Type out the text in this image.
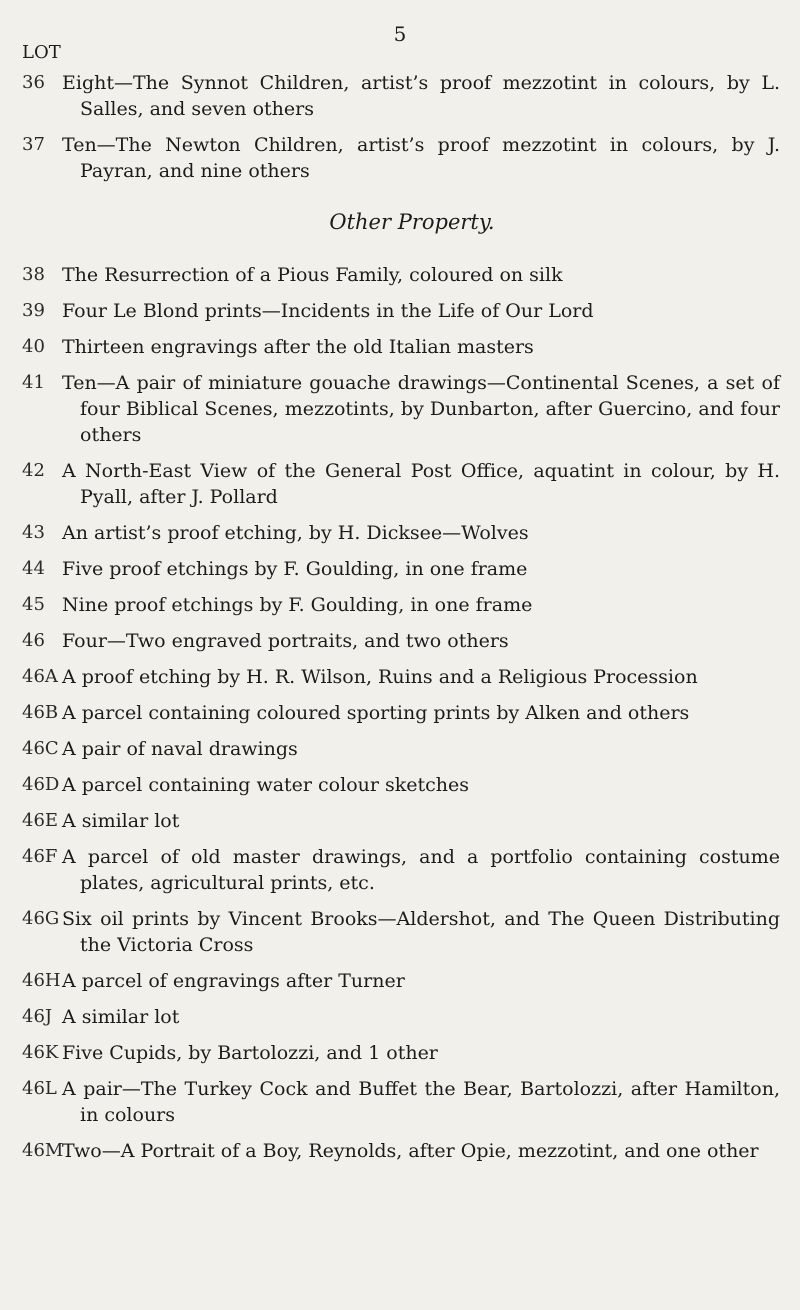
5
LOT
36 Eight—The Synnot Children, artist’s proof mezzotint in colours, by L. Salles, and seven others
37 Ten—The Newton Children, artist’s proof mezzotint in colours, by J. Payran, and nine others
Other Property.
38 The Resurrection of a Pious Family, coloured on silk
39 Four Le Blond prints—Incidents in the Life of Our Lord
40 Thirteen engravings after the old Italian masters
41 Ten—A pair of miniature gouache drawings—Continental Scenes, a set of four Biblical Scenes, mezzotints, by Dunbarton, after Guercino, and four others
42 A North-East View of the General Post Office, aquatint in colour, by H. Pyall, after J. Pollard
43 An artist’s proof etching, by H. Dicksee—Wolves
44 Five proof etchings by F. Goulding, in one frame
45 Nine proof etchings by F. Goulding, in one frame
46 Four—Two engraved portraits, and two others
46A A proof etching by H. R. Wilson, Ruins and a Religious Procession
46B A parcel containing coloured sporting prints by Alken and others
46C A pair of naval drawings
46D A parcel containing water colour sketches
46E A similar lot
46F A parcel of old master drawings, and a portfolio containing costume plates, agricultural prints, etc.
46G Six oil prints by Vincent Brooks—Aldershot, and The Queen Distributing the Victoria Cross
46H A parcel of engravings after Turner
46J A similar lot
46K Five Cupids, by Bartolozzi, and 1 other
46L A pair—The Turkey Cock and Buffet the Bear, Bartolozzi, after Hamilton, in colours
46M
Two—A Portrait of a Boy, Reynolds, after Opie, mezzotint, and one other
